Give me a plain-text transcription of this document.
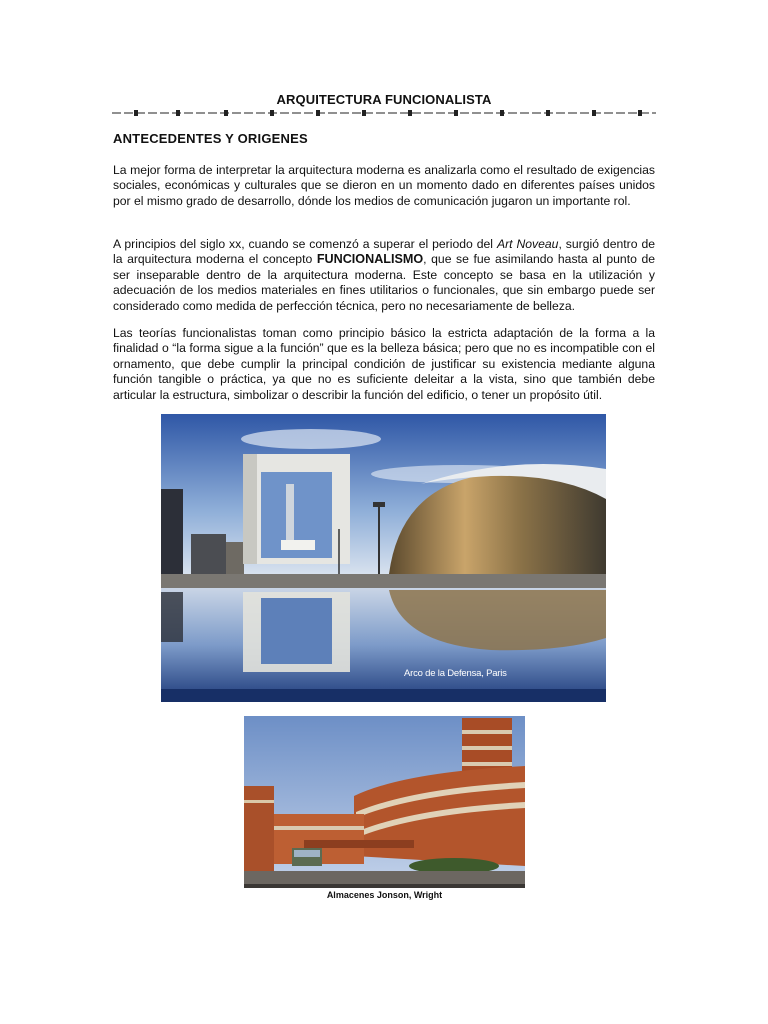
ARQUITECTURA FUNCIONALISTA
ANTECEDENTES Y ORIGENES
La mejor forma de interpretar la arquitectura moderna es analizarla como el resultado de exigencias sociales, económicas y culturales que se dieron en un momento dado en diferentes países unidos por el mismo grado de desarrollo, dónde los medios de comunicación jugaron un importante rol.
A principios del siglo xx, cuando se comenzó a superar el periodo del Art Noveau, surgió dentro de la arquitectura moderna el concepto FUNCIONALISMO, que se fue asimilando hasta al punto de ser inseparable dentro de la arquitectura moderna. Este concepto se basa en la utilización y adecuación de los medios materiales en fines utilitarios o funcionales, que sin embargo puede ser considerado como medida de perfección técnica, pero no necesariamente de belleza.
Las teorías funcionalistas toman como principio básico la estricta adaptación de la forma a la finalidad o “la forma sigue a la función” que es la belleza básica; pero que no es incompatible con el ornamento, que debe cumplir la principal condición de justificar su existencia mediante alguna función tangible o práctica, ya que no es suficiente deleitar a la vista, sino que también debe articular la estructura, simbolizar o describir la función del edificio, o tener un propósito útil.
Arco de la Defensa, Paris
Almacenes Jonson, Wright
